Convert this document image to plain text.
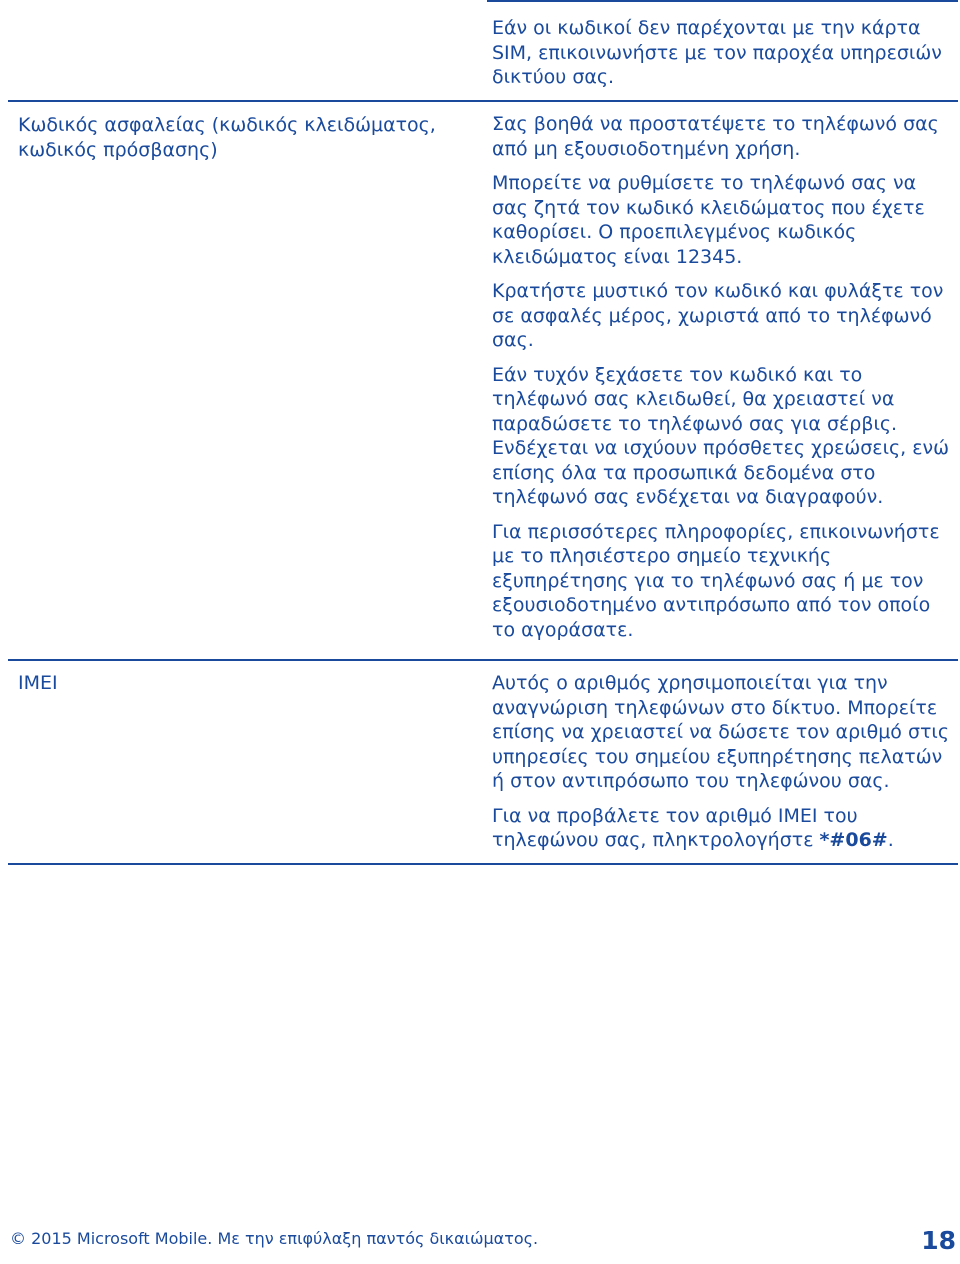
Εάν οι κωδικοί δεν παρέχονται με την κάρτα SIM, επικοινωνήστε με τον παροχέα υπηρεσιών δικτύου σας.

Κωδικός ασφαλείας (κωδικός κλειδώματος, κωδικός πρόσβασης)

Σας βοηθά να προστατέψετε το τηλέφωνό σας από μη εξουσιοδοτημένη χρήση.

Μπορείτε να ρυθμίσετε το τηλέφωνό σας να σας ζητά τον κωδικό κλειδώματος που έχετε καθορίσει. Ο προεπιλεγμένος κωδικός κλειδώματος είναι 12345.

Κρατήστε μυστικό τον κωδικό και φυλάξτε τον σε ασφαλές μέρος, χωριστά από το τηλέφωνό σας.

Εάν τυχόν ξεχάσετε τον κωδικό και το τηλέφωνό σας κλειδωθεί, θα χρειαστεί να παραδώσετε το τηλέφωνό σας για σέρβις. Ενδέχεται να ισχύουν πρόσθετες χρεώσεις, ενώ επίσης όλα τα προσωπικά δεδομένα στο τηλέφωνό σας ενδέχεται να διαγραφούν.

Για περισσότερες πληροφορίες, επικοινωνήστε με το πλησιέστερο σημείο τεχνικής εξυπηρέτησης για το τηλέφωνό σας ή με τον εξουσιοδοτημένο αντιπρόσωπο από τον οποίο το αγοράσατε.

IMEI	Αυτός ο αριθμός χρησιμοποιείται για την αναγνώριση τηλεφώνων στο δίκτυο. Μπορείτε επίσης να χρειαστεί να δώσετε τον αριθμό στις υπηρεσίες του σημείου εξυπηρέτησης πελατών ή στον αντιπρόσωπο του τηλεφώνου σας.

Για να προβάλετε τον αριθμό IMEI του τηλεφώνου σας, πληκτρολογήστε *#06#.

© 2015 Microsoft Mobile. Με την επιφύλαξη παντός δικαιώματος.	18
